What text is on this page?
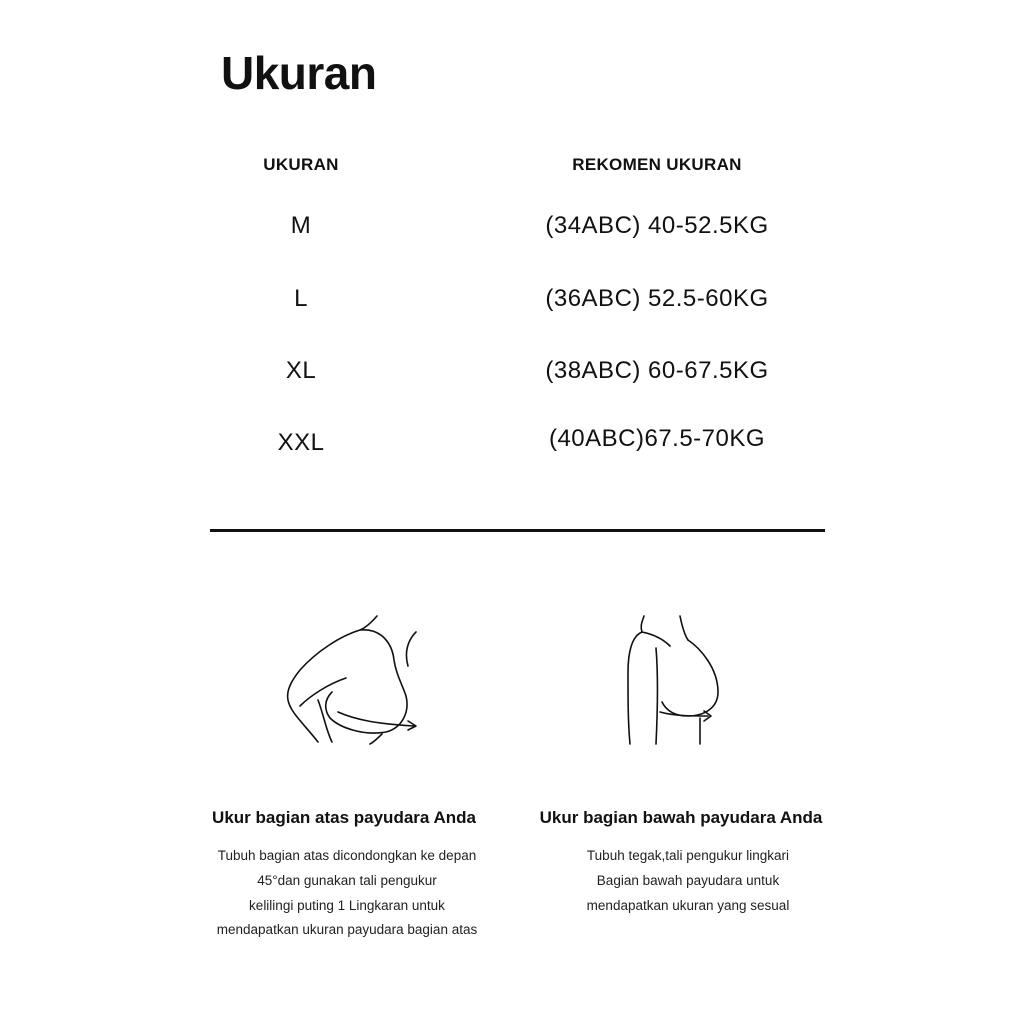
Ukuran
UKURAN	REKOMEN UKURAN
M	(34ABC) 40-52.5KG
L	(36ABC) 52.5-60KG
XL	(38ABC) 60-67.5KG
XXL	(40ABC)67.5-70KG
Ukur bagian atas payudara Anda
Tubuh bagian atas dicondongkan ke depan
45°dan gunakan tali pengukur
kelilingi puting 1 Lingkaran untuk
mendapatkan ukuran payudara bagian atas
Ukur bagian bawah payudara Anda
Tubuh tegak,tali pengukur lingkari
Bagian bawah payudara untuk
mendapatkan ukuran yang sesual
